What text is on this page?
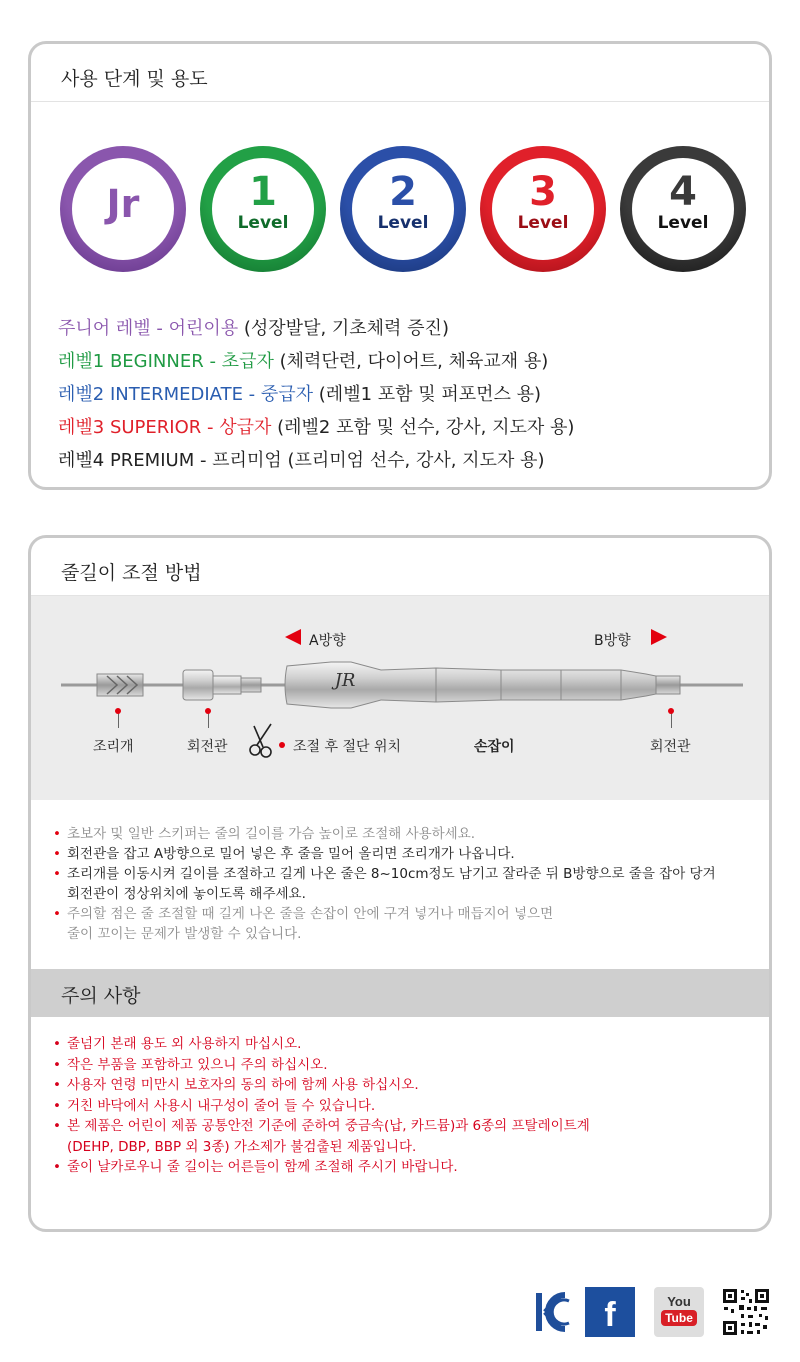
사용 단계 및 용도
Jr
Junior
1
Level
Beginner
2
Level
Intermediate
3
Level
Superior
4
Level
Premium
주니어 레벨 - 어린이용 (성장발달, 기초체력 증진)
레벨1 BEGINNER - 초급자 (체력단련, 다이어트, 체육교재 용)
레벨2 INTERMEDIATE - 중급자 (레벨1 포함 및 퍼포먼스 용)
레벨3 SUPERIOR - 상급자 (레벨2 포함 및 선수, 강사, 지도자 용)
레벨4 PREMIUM - 프리미엄 (프리미엄 선수, 강사, 지도자 용)
줄길이 조절 방법
JR
A방향	B방향
조리개	회전관	조절 후 절단 위치	손잡이	회전관
• 초보자 및 일반 스키퍼는 줄의 길이를 가슴 높이로 조절해 사용하세요.
• 회전관을 잡고 A방향으로 밀어 넣은 후 줄을 밀어 올리면 조리개가 나옵니다.
• 조리개를 이동시켜 길이를 조절하고 길게 나온 줄은 8~10cm정도 남기고 잘라준 뒤 B방향으로 줄을 잡아 당겨
회전관이 정상위치에 놓이도록 해주세요.
• 주의할 점은 줄 조절할 때 길게 나온 줄을 손잡이 안에 구겨 넣거나 매듭지어 넣으면
줄이 꼬이는 문제가 발생할 수 있습니다.
주의 사항
• 줄넘기 본래 용도 외 사용하지 마십시오.
• 작은 부품을 포함하고 있으니 주의 하십시오.
• 사용자 연령 미만시 보호자의 동의 하에 함께 사용 하십시오.
• 거친 바닥에서 사용시 내구성이 줄어 들 수 있습니다.
• 본 제품은 어린이 제품 공통안전 기준에 준하여 중금속(납, 카드뮴)과 6종의 프탈레이트계
(DEHP, DBP, BBP 외 3종) 가소제가 불검출된 제품입니다.
• 줄이 날카로우니 줄 길이는 어른들이 함께 조절해 주시기 바랍니다.
f	You
Tube
